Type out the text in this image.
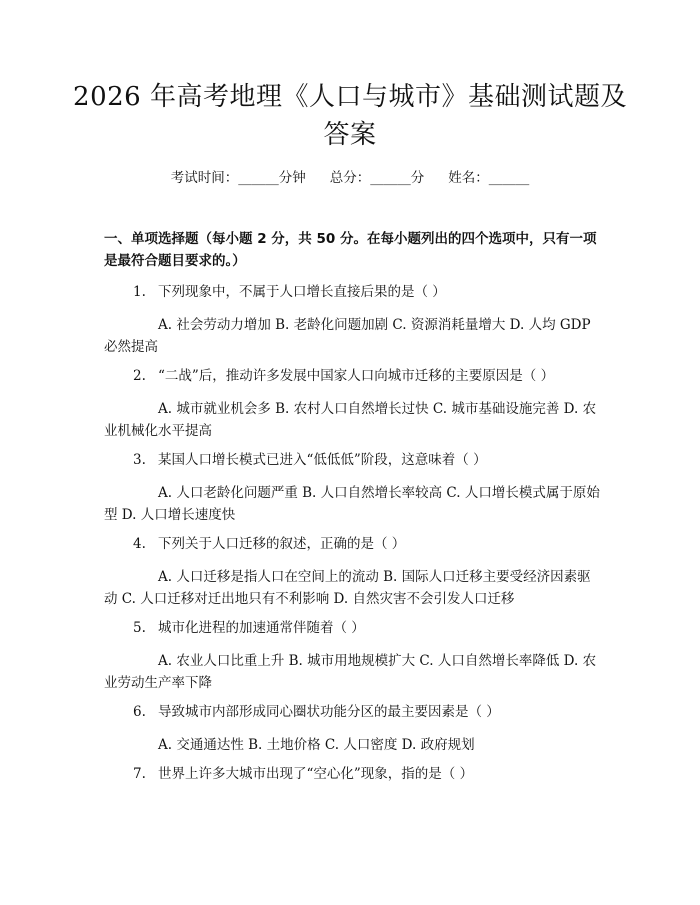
2026 年高考地理《人口与城市》基础测试题及答案
考试时间：______分钟 总分：______分 姓名：______
一、单项选择题（每小题 2 分，共 50 分。在每小题列出的四个选项中，只有一项是最符合题目要求的。）
1. 下列现象中，不属于人口增长直接后果的是（ ）
A. 社会劳动力增加 B. 老龄化问题加剧 C. 资源消耗量增大 D. 人均 GDP 必然提高
2. “二战”后，推动许多发展中国家人口向城市迁移的主要原因是（ ）
A. 城市就业机会多 B. 农村人口自然增长过快 C. 城市基础设施完善 D. 农业机械化水平提高
3. 某国人口增长模式已进入“低低低”阶段，这意味着（ ）
A. 人口老龄化问题严重 B. 人口自然增长率较高 C. 人口增长模式属于原始型 D. 人口增长速度快
4. 下列关于人口迁移的叙述，正确的是（ ）
A. 人口迁移是指人口在空间上的流动 B. 国际人口迁移主要受经济因素驱动 C. 人口迁移对迁出地只有不利影响 D. 自然灾害不会引发人口迁移
5. 城市化进程的加速通常伴随着（ ）
A. 农业人口比重上升 B. 城市用地规模扩大 C. 人口自然增长率降低 D. 农业劳动生产率下降
6. 导致城市内部形成同心圈状功能分区的最主要因素是（ ）
A. 交通通达性 B. 土地价格 C. 人口密度 D. 政府规划
7. 世界上许多大城市出现了“空心化”现象，指的是（ ）
